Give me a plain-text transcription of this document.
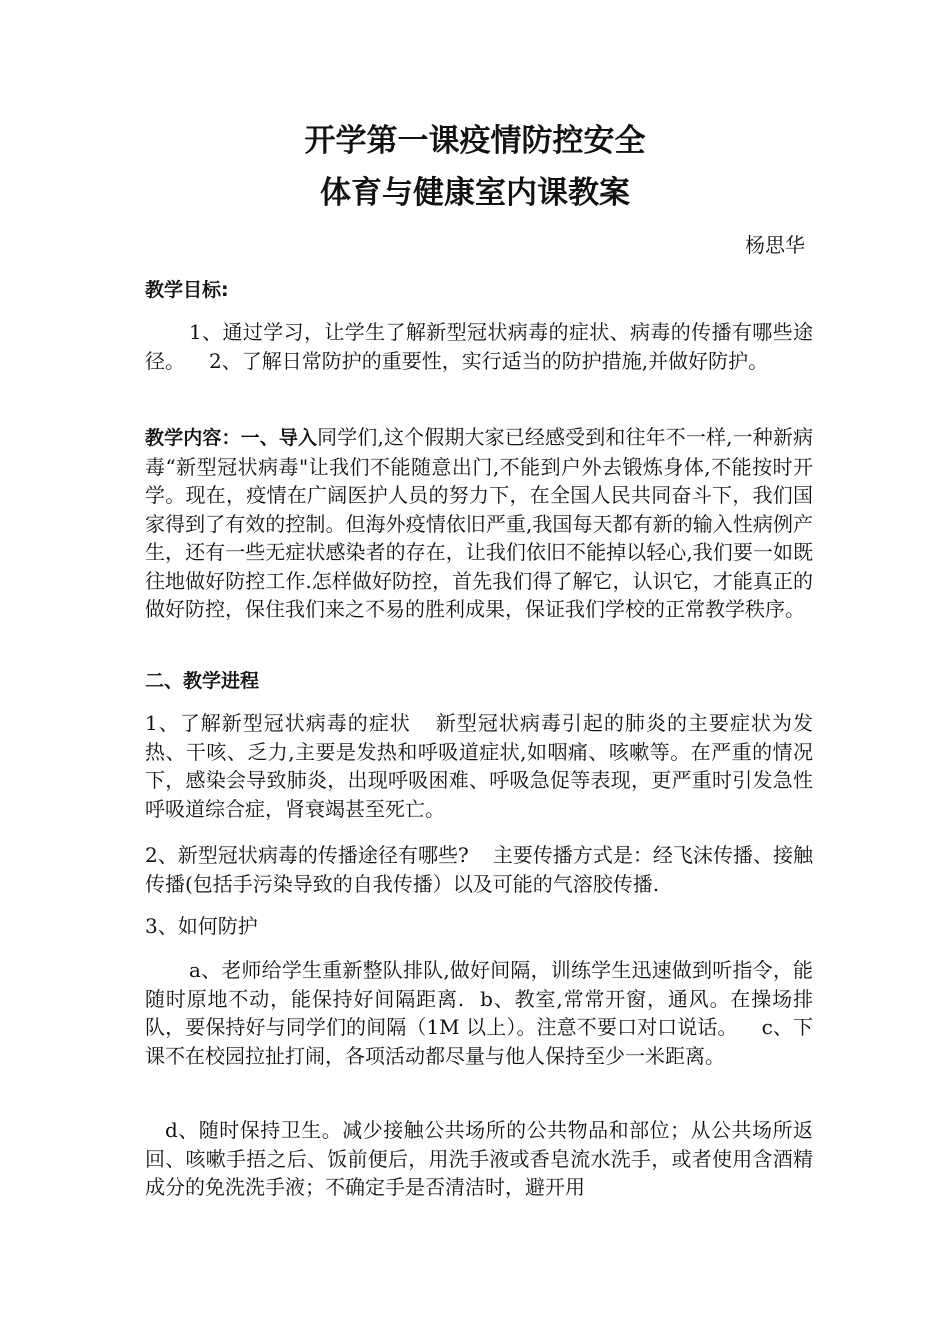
开学第一课疫情防控安全
体育与健康室内课教案
杨思华

教学目标:

1、通过学习，让学生了解新型冠状病毒的症状、病毒的传播有哪些途径。 2、了解日常防护的重要性，实行适当的防护措施,并做好防护。

教学内容：一、导入同学们,这个假期大家已经感受到和往年不一样,一种新病毒“新型冠状病毒"让我们不能随意出门,不能到户外去锻炼身体,不能按时开学。现在，疫情在广阔医护人员的努力下，在全国人民共同奋斗下，我们国家得到了有效的控制。但海外疫情依旧严重,我国每天都有新的输入性病例产生，还有一些无症状感染者的存在，让我们依旧不能掉以轻心,我们要一如既往地做好防控工作.怎样做好防控，首先我们得了解它，认识它，才能真正的做好防控，保住我们来之不易的胜利成果，保证我们学校的正常教学秩序。

二、教学进程

1、了解新型冠状病毒的症状 新型冠状病毒引起的肺炎的主要症状为发热、干咳、乏力,主要是发热和呼吸道症状,如咽痛、咳嗽等。在严重的情况下，感染会导致肺炎，出现呼吸困难、呼吸急促等表现，更严重时引发急性呼吸道综合症，肾衰竭甚至死亡。

2、新型冠状病毒的传播途径有哪些? 主要传播方式是：经飞沫传播、接触传播(包括手污染导致的自我传播）以及可能的气溶胶传播.

3、如何防护

a、老师给学生重新整队排队,做好间隔，训练学生迅速做到听指令，能随时原地不动，能保持好间隔距离. b、教室,常常开窗，通风。在操场排队，要保持好与同学们的间隔（1M 以上）。注意不要口对口说话。 c、下课不在校园拉扯打闹，各项活动都尽量与他人保持至少一米距离。

d、随时保持卫生。减少接触公共场所的公共物品和部位；从公共场所返回、咳嗽手捂之后、饭前便后，用洗手液或香皂流水洗手，或者使用含酒精成分的免洗洗手液；不确定手是否清洁时，避开用
